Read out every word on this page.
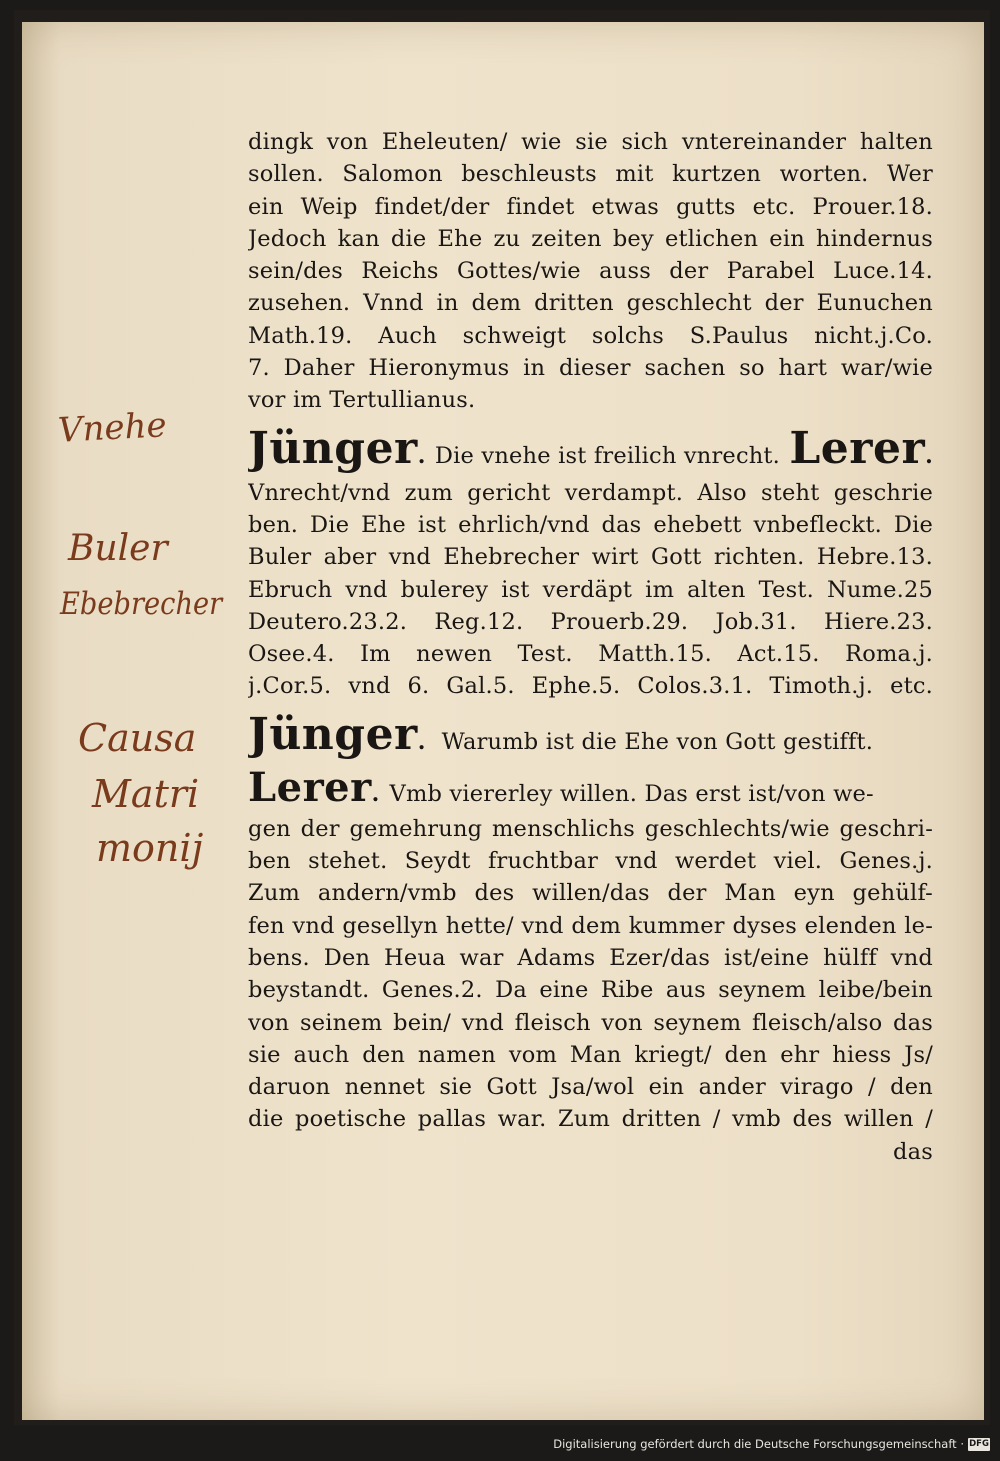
Vnehe
Buler
Ebebrecher
Causa
Matri
monij
dingk von Eheleuten/ wie sie sich vntereinander halten
sollen. Salomon beschleusts mit kurtzen worten. Wer
ein Weip findet/der findet etwas gutts etc. Prouer.18.
Jedoch kan die Ehe zu zeiten bey etlichen ein hindernus
sein/des Reichs Gottes/wie auss der Parabel Luce.14.
zusehen. Vnnd in dem dritten geschlecht der Eunuchen
Math.19. Auch schweigt solchs S.Paulus nicht.j.Co.
7. Daher Hieronymus in dieser sachen so hart war/wie
vor im Tertullianus.
Jünger. Die vnehe ist freilich vnrecht. Lerer.
Vnrecht/vnd zum gericht verdampt. Also steht geschrie
ben. Die Ehe ist ehrlich/vnd das ehebett vnbefleckt. Die
Buler aber vnd Ehebrecher wirt Gott richten. Hebre.13.
Ebruch vnd bulerey ist verdäpt im alten Test. Nume.25
Deutero.23.2. Reg.12. Prouerb.29. Job.31. Hiere.23.
Osee.4. Im newen Test. Matth.15. Act.15. Roma.j.
j.Cor.5. vnd 6. Gal.5. Ephe.5. Colos.3.1. Timoth.j. etc.
Jünger. Warumb ist die Ehe von Gott gestifft.
Lerer. Vmb viererley willen. Das erst ist/von we-
gen der gemehrung menschlichs geschlechts/wie geschri-
ben stehet. Seydt fruchtbar vnd werdet viel. Genes.j.
Zum andern/vmb des willen/das der Man eyn gehülf-
fen vnd gesellyn hette/ vnd dem kummer dyses elenden le-
bens. Den Heua war Adams Ezer/das ist/eine hülff vnd
beystandt. Genes.2. Da eine Ribe aus seynem leibe/bein
von seinem bein/ vnd fleisch von seynem fleisch/also das
sie auch den namen vom Man kriegt/ den ehr hiess Js/
daruon nennet sie Gott Jsa/wol ein ander virago / den
die poetische pallas war. Zum dritten / vmb des willen /
das
Digitalisierung gefördert durch die Deutsche Forschungsgemeinschaft · DFG
